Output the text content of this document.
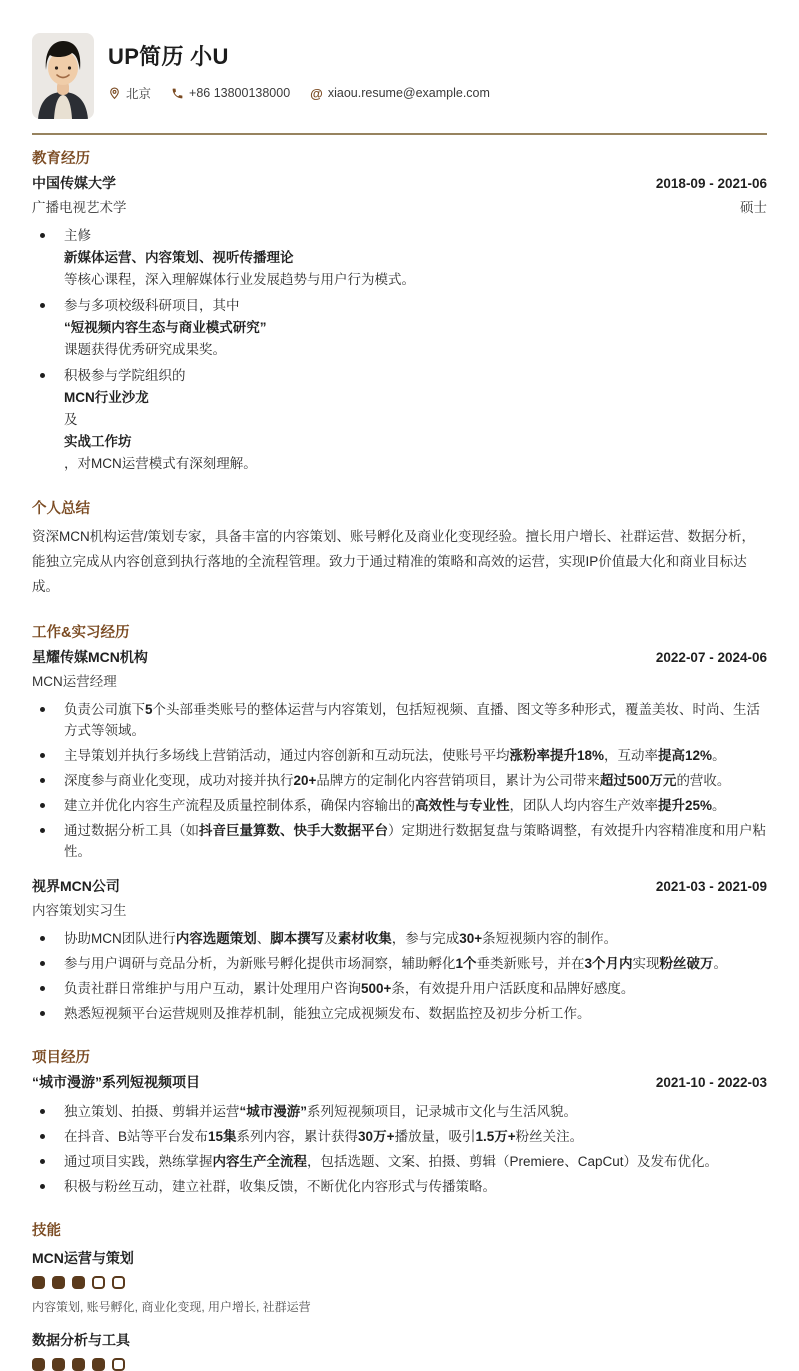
UP简历 小U
北京	+86 13800138000 @ xiaou.resume@example.com
教育经历
中国传媒大学	2018-09 - 2021-06
广播电视艺术学	硕士
主修
新媒体运营、内容策划、视听传播理论
等核心课程，深入理解媒体行业发展趋势与用户行为模式。
参与多项校级科研项目，其中
“短视频内容生态与商业模式研究”
课题获得优秀研究成果奖。
积极参与学院组织的
MCN行业沙龙
及
实战工作坊
，对MCN运营模式有深刻理解。
个人总结

资深MCN机构运营/策划专家，具备丰富的内容策划、账号孵化及商业化变现经验。擅长用户增长、社群运营、数据分析，能独立完成从内容创意到执行落地的全流程管理。致力于通过精准的策略和高效的运营，实现IP价值最大化和商业目标达成。

工作&实习经历
星耀传媒MCN机构	2022-07 - 2024-06
MCN运营经理
负责公司旗下5个头部垂类账号的整体运营与内容策划，包括短视频、直播、图文等多种形式，覆盖美妆、时尚、生活方式等领域。
主导策划并执行多场线上营销活动，通过内容创新和互动玩法，使账号平均涨粉率提升18%，互动率提高12%。
深度参与商业化变现，成功对接并执行20+品牌方的定制化内容营销项目，累计为公司带来超过500万元的营收。
建立并优化内容生产流程及质量控制体系，确保内容输出的高效性与专业性，团队人均内容生产效率提升25%。
通过数据分析工具（如抖音巨量算数、快手大数据平台）定期进行数据复盘与策略调整，有效提升内容精准度和用户粘性。
视界MCN公司	2021-03 - 2021-09
内容策划实习生
协助MCN团队进行内容选题策划、脚本撰写及素材收集，参与完成30+条短视频内容的制作。
参与用户调研与竞品分析，为新账号孵化提供市场洞察，辅助孵化1个垂类新账号，并在3个月内实现粉丝破万。
负责社群日常维护与用户互动，累计处理用户咨询500+条，有效提升用户活跃度和品牌好感度。
熟悉短视频平台运营规则及推荐机制，能独立完成视频发布、数据监控及初步分析工作。
项目经历
“城市漫游”系列短视频项目	2021-10 - 2022-03
独立策划、拍摄、剪辑并运营“城市漫游”系列短视频项目，记录城市文化与生活风貌。
在抖音、B站等平台发布15集系列内容，累计获得30万+播放量，吸引1.5万+粉丝关注。
通过项目实践，熟练掌握内容生产全流程，包括选题、文案、拍摄、剪辑（Premiere、CapCut）及发布优化。
积极与粉丝互动，建立社群，收集反馈，不断优化内容形式与传播策略。
技能
MCN运营与策划
内容策划, 账号孵化, 商业化变现, 用户增长, 社群运营
数据分析与工具
